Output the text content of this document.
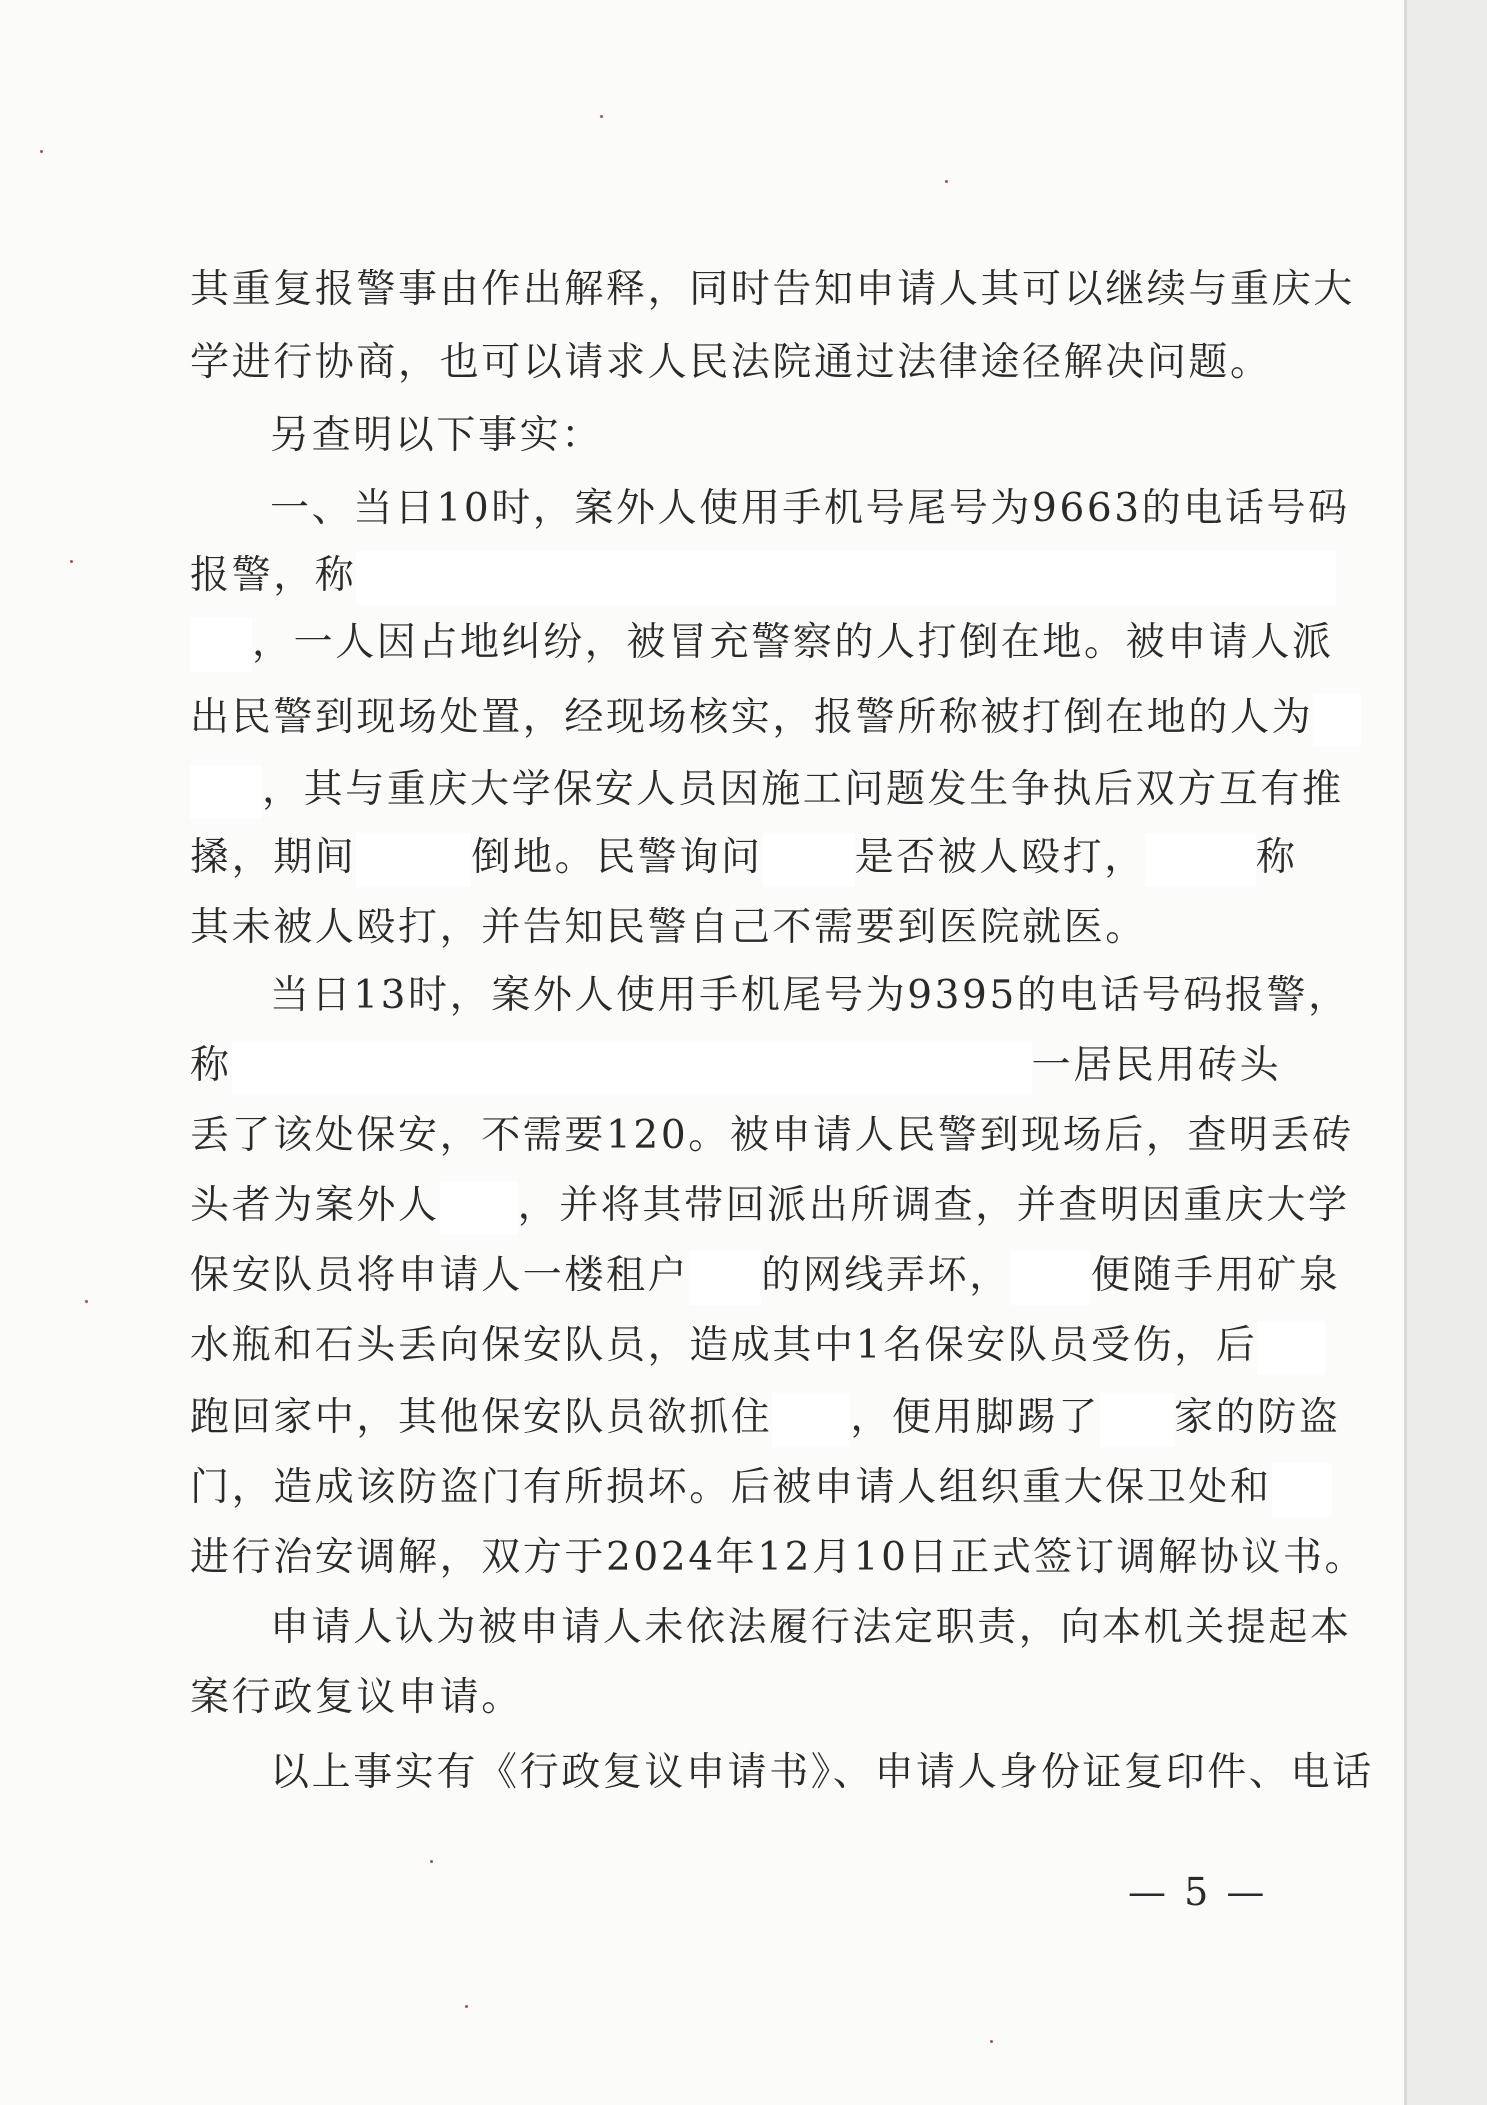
其重复报警事由作出解释，同时告知申请人其可以继续与重庆大

学进行协商，也可以请求人民法院通过法律途径解决问题。

另查明以下事实：

一、当日10时，案外人使用手机号尾号为9663的电话号码

报警，称

，一人因占地纠纷，被冒充警察的人打倒在地。被申请人派

出民警到现场处置，经现场核实，报警所称被打倒在地的人为

，其与重庆大学保安人员因施工问题发生争执后双方互有推

搡，期间	倒地。民警询问 是否被人殴打，	称

其未被人殴打，并告知民警自己不需要到医院就医。

当日13时，案外人使用手机尾号为9395的电话号码报警，

称	一居民用砖头

丢了该处保安，不需要120。被申请人民警到现场后，查明丢砖

头者为案外人 ，并将其带回派出所调查，并查明因重庆大学

保安队员将申请人一楼租户 的网线弄坏， 便随手用矿泉

水瓶和石头丢向保安队员，造成其中1名保安队员受伤，后

跑回家中，其他保安队员欲抓住 ，便用脚踢了 家的防盗

门，造成该防盗门有所损坏。后被申请人组织重大保卫处和

进行治安调解，双方于2024年12月10日正式签订调解协议书。

申请人认为被申请人未依法履行法定职责，向本机关提起本

案行政复议申请。

以上事实有《行政复议申请书》、申请人身份证复印件、电话

— 5 —
